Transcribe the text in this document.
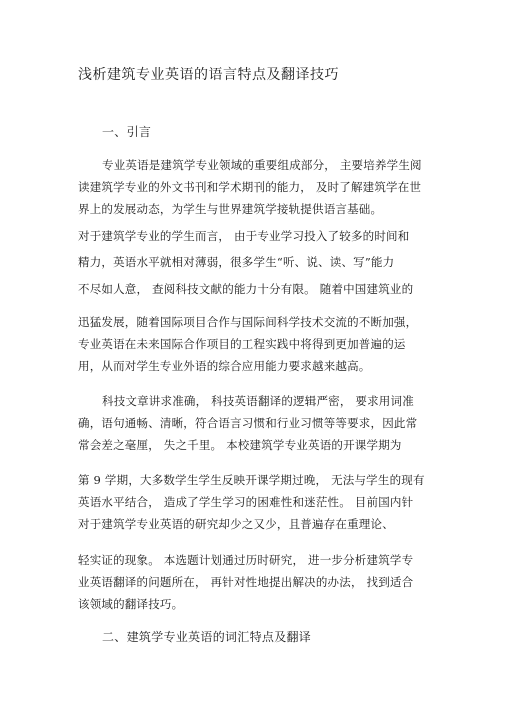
浅析建筑专业英语的语言特点及翻译技巧
一、引言
专业英语是建筑学专业领域的重要组成部分， 主要培养学生阅
读建筑学专业的外文书刊和学术期刊的能力， 及时了解建筑学在世
界上的发展动态，为学生与世界建筑学接轨提供语言基础。
对于建筑学专业的学生而言， 由于专业学习投入了较多的时间和
精力，英语水平就相对薄弱，很多学生“听、说、读、写”能力
不尽如人意， 查阅科技文献的能力十分有限。 随着中国建筑业的
迅猛发展，随着国际项目合作与国际间科学技术交流的不断加强，
专业英语在未来国际合作项目的工程实践中将得到更加普遍的运
用，从而对学生专业外语的综合应用能力要求越来越高。
科技文章讲求准确， 科技英语翻译的逻辑严密， 要求用词准
确，语句通畅、清晰，符合语言习惯和行业习惯等等要求，因此常
常会差之毫厘， 失之千里。 本校建筑学专业英语的开课学期为
第 9 学期，大多数学生学生反映开课学期过晚， 无法与学生的现有
英语水平结合， 造成了学生学习的困难性和迷茫性。 目前国内针
对于建筑学专业英语的研究却少之又少，且普遍存在重理论、
轻实证的现象。 本选题计划通过历时研究， 进一步分析建筑学专
业英语翻译的问题所在， 再针对性地提出解决的办法， 找到适合
该领域的翻译技巧。
二、建筑学专业英语的词汇特点及翻译
